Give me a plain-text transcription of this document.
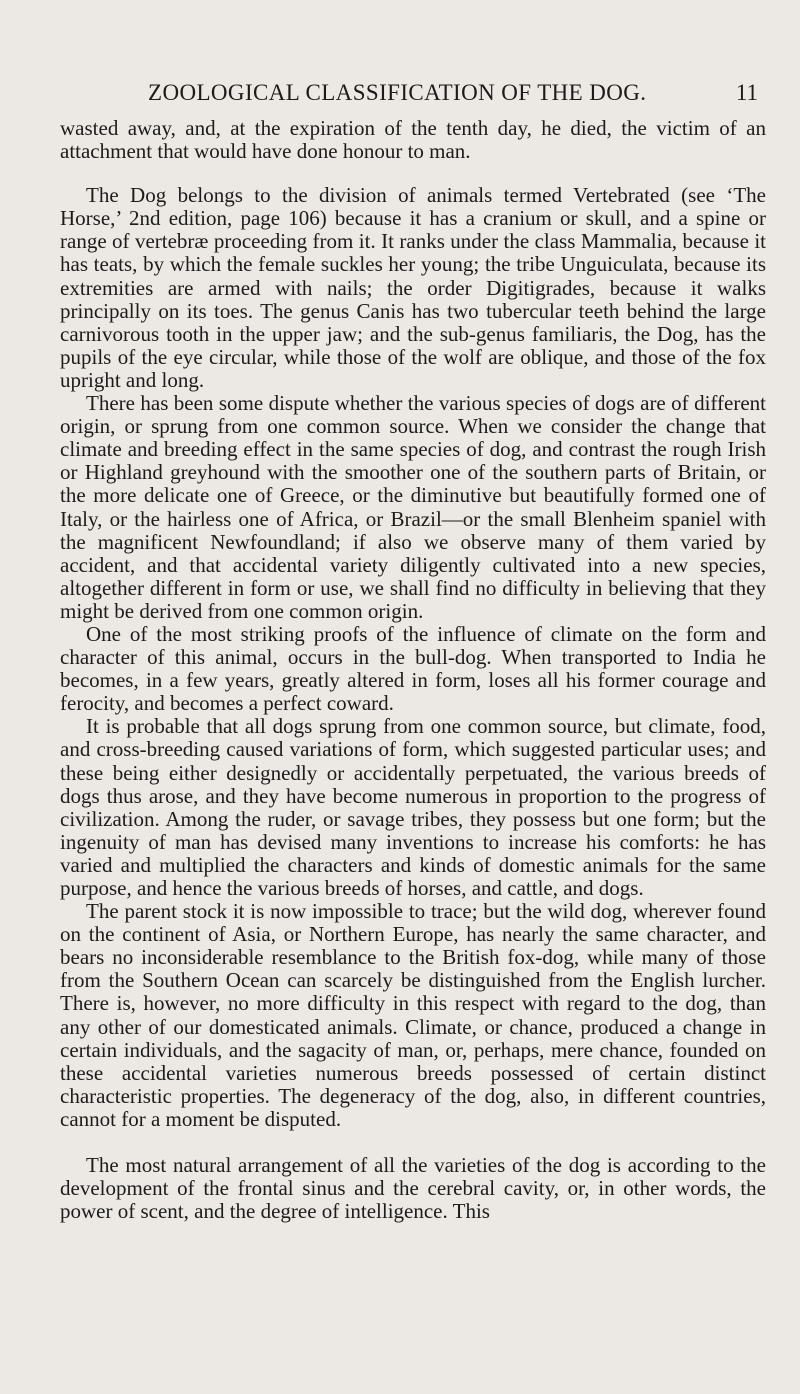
ZOOLOGICAL CLASSIFICATION OF THE DOG.	11

wasted away, and, at the expiration of the tenth day, he died, the victim of an attachment that would have done honour to man.

The Dog belongs to the division of animals termed Vertebrated (see ‘The Horse,’ 2nd edition, page 106) because it has a cranium or skull, and a spine or range of vertebræ proceeding from it. It ranks under the class Mammalia, because it has teats, by which the female suckles her young; the tribe Unguiculata, because its extremities are armed with nails; the order Digitigrades, because it walks principally on its toes. The genus Canis has two tubercular teeth behind the large carnivorous tooth in the upper jaw; and the sub-genus familiaris, the Dog, has the pupils of the eye circular, while those of the wolf are oblique, and those of the fox upright and long.

There has been some dispute whether the various species of dogs are of different origin, or sprung from one common source. When we consider the change that climate and breeding effect in the same species of dog, and contrast the rough Irish or Highland greyhound with the smoother one of the southern parts of Britain, or the more delicate one of Greece, or the diminutive but beautifully formed one of Italy, or the hairless one of Africa, or Brazil—or the small Blenheim spaniel with the magnificent Newfoundland; if also we observe many of them varied by accident, and that accidental variety diligently cultivated into a new species, altogether different in form or use, we shall find no difficulty in believing that they might be derived from one common origin.

One of the most striking proofs of the influence of climate on the form and character of this animal, occurs in the bull-dog. When transported to India he becomes, in a few years, greatly altered in form, loses all his former courage and ferocity, and becomes a perfect coward.

It is probable that all dogs sprung from one common source, but climate, food, and cross-breeding caused variations of form, which suggested particular uses; and these being either designedly or accidentally perpetuated, the various breeds of dogs thus arose, and they have become numerous in proportion to the progress of civilization. Among the ruder, or savage tribes, they possess but one form; but the ingenuity of man has devised many inventions to increase his comforts: he has varied and multiplied the characters and kinds of domestic animals for the same purpose, and hence the various breeds of horses, and cattle, and dogs.

The parent stock it is now impossible to trace; but the wild dog, wherever found on the continent of Asia, or Northern Europe, has nearly the same character, and bears no inconsiderable resemblance to the British fox-dog, while many of those from the Southern Ocean can scarcely be distinguished from the English lurcher. There is, however, no more difficulty in this respect with regard to the dog, than any other of our domesticated animals. Climate, or chance, produced a change in certain individuals, and the sagacity of man, or, perhaps, mere chance, founded on these accidental varieties numerous breeds possessed of certain distinct characteristic properties. The degeneracy of the dog, also, in different countries, cannot for a moment be disputed.

The most natural arrangement of all the varieties of the dog is according to the development of the frontal sinus and the cerebral cavity, or, in other words, the power of scent, and the degree of intelligence. This
